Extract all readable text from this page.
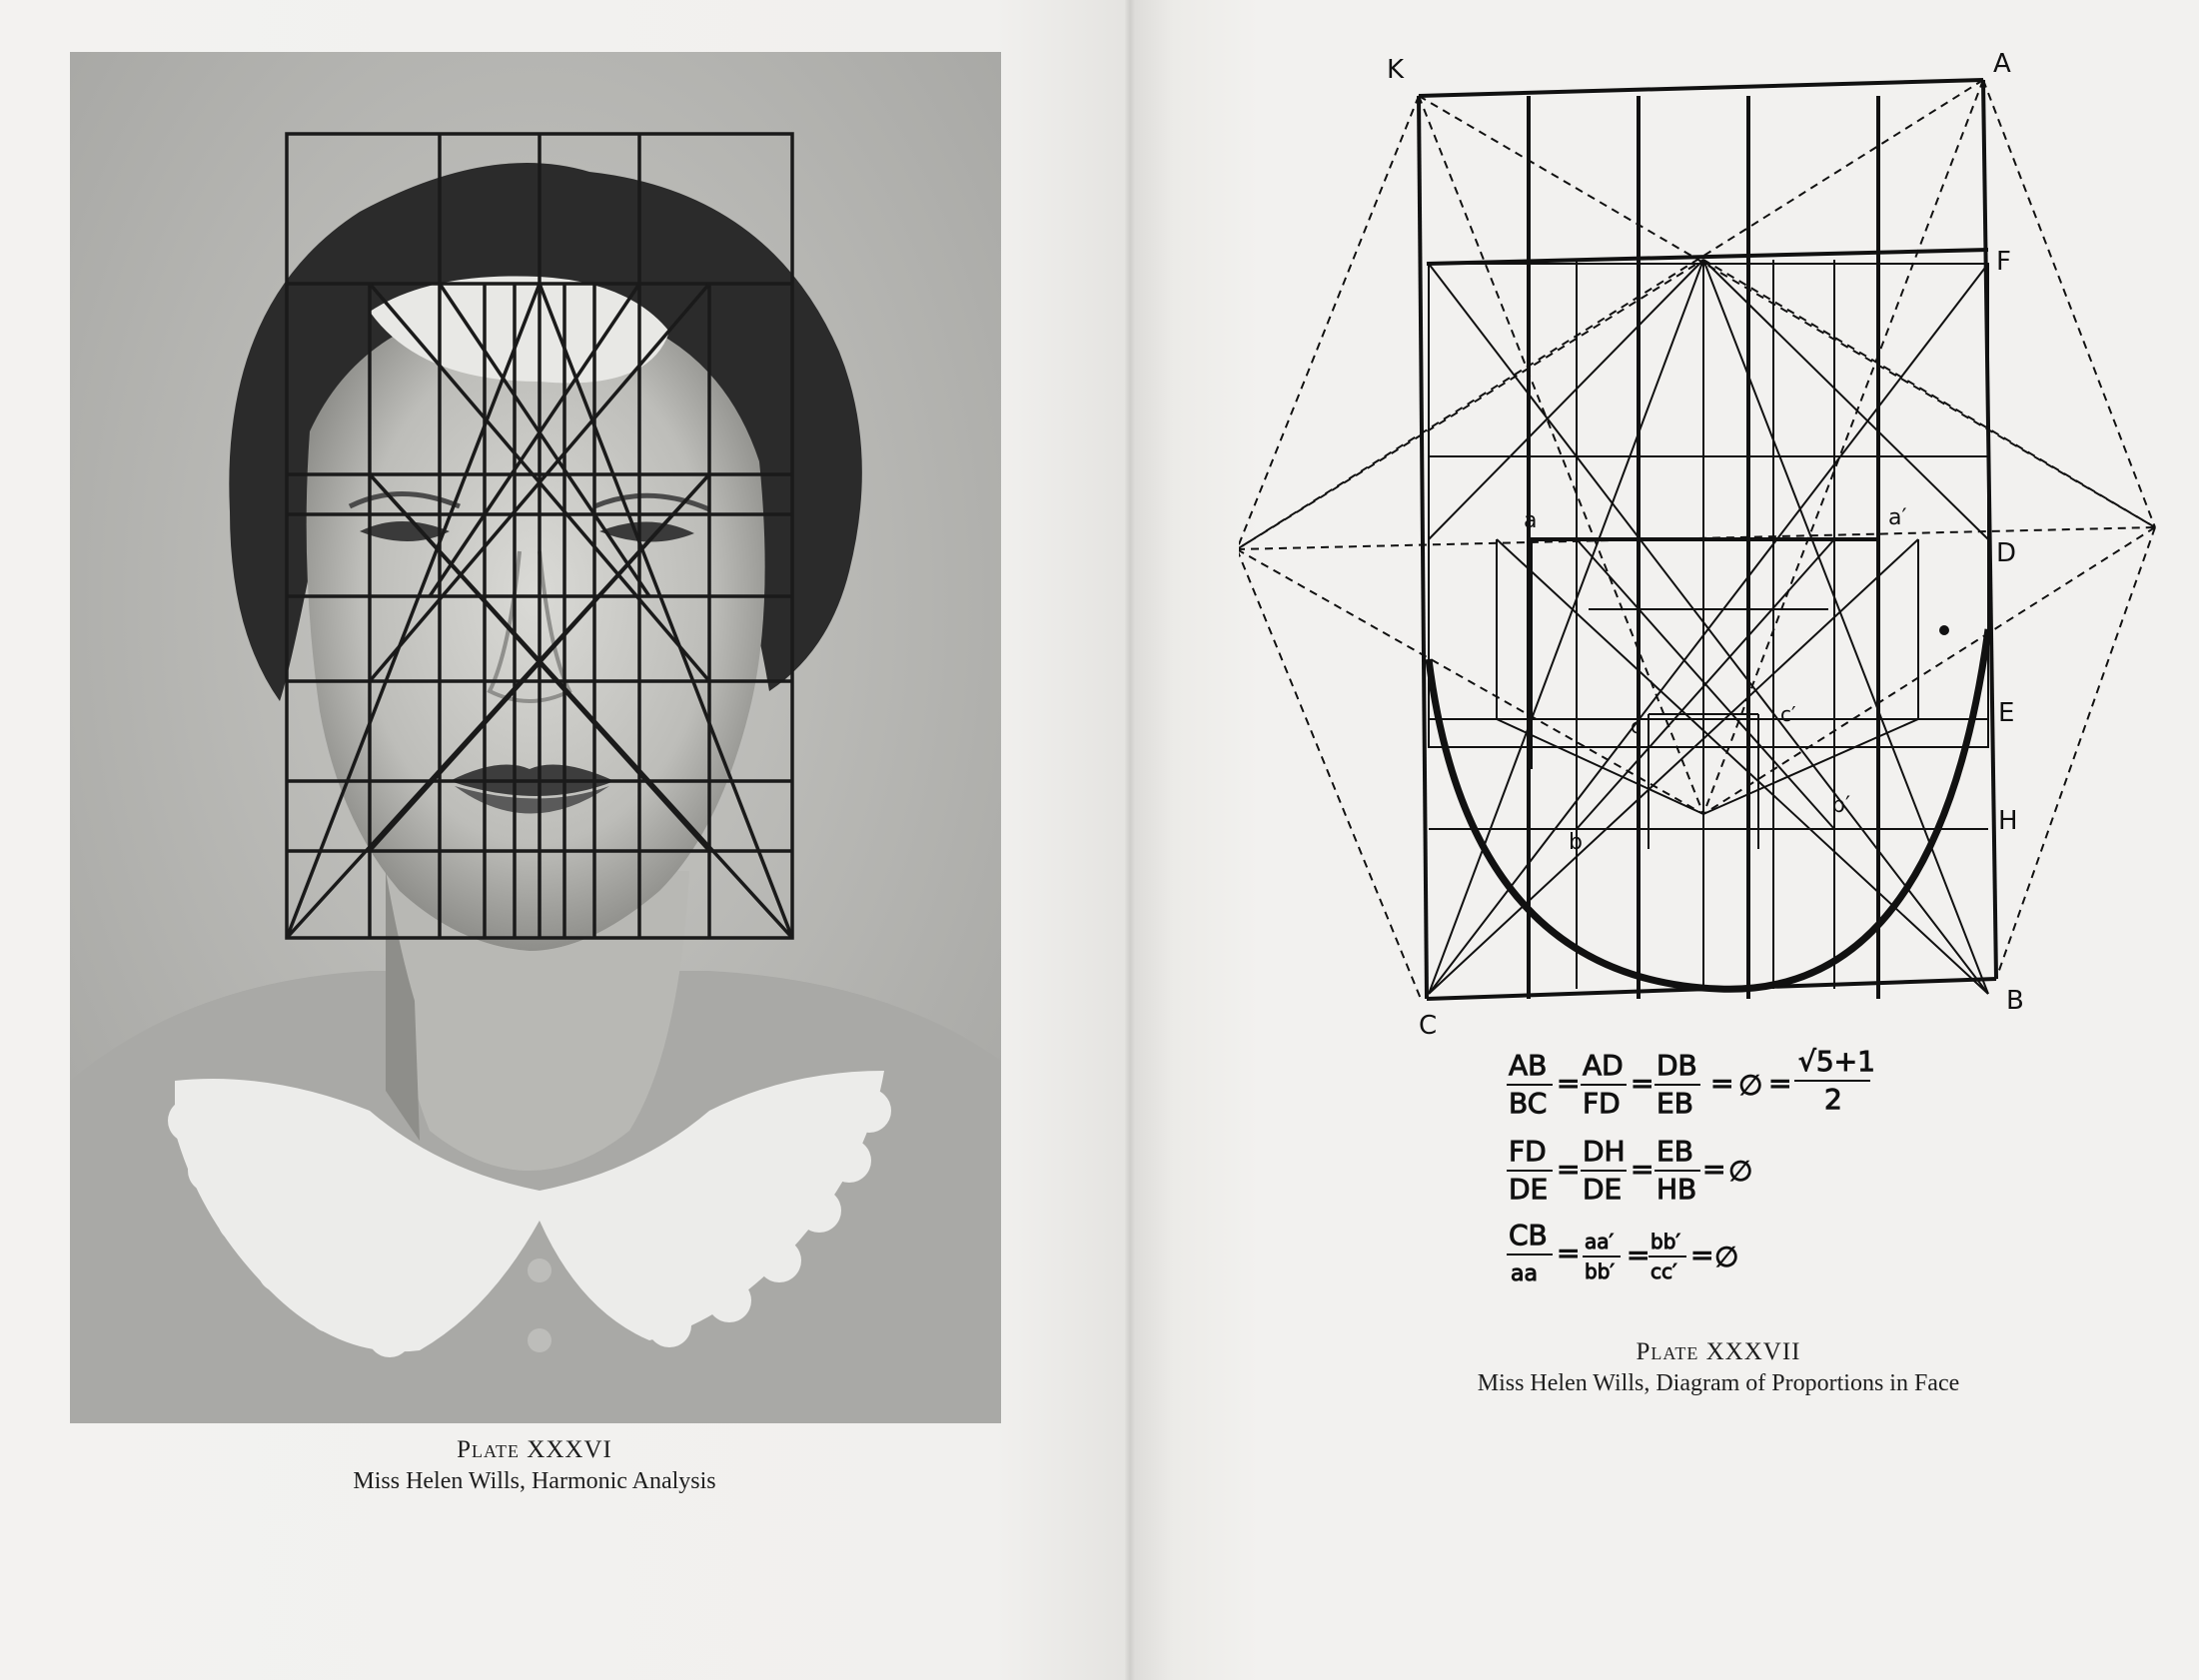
Plate XXXVI
Miss Helen Wills, Harmonic Analysis
K	A
F
D
E
H
B
C
a	a′
b
b′
c	c′
AB
BC
=
AD
FD
=
DB
EB
= ∅ =
√5+1
2
FD
DE
=
DH
DE
=
EB
HB
= ∅
CB
aa
= aa′
bb′ = bb′
cc′ = ∅
Plate XXXVII
Miss Helen Wills, Diagram of Proportions in Face
